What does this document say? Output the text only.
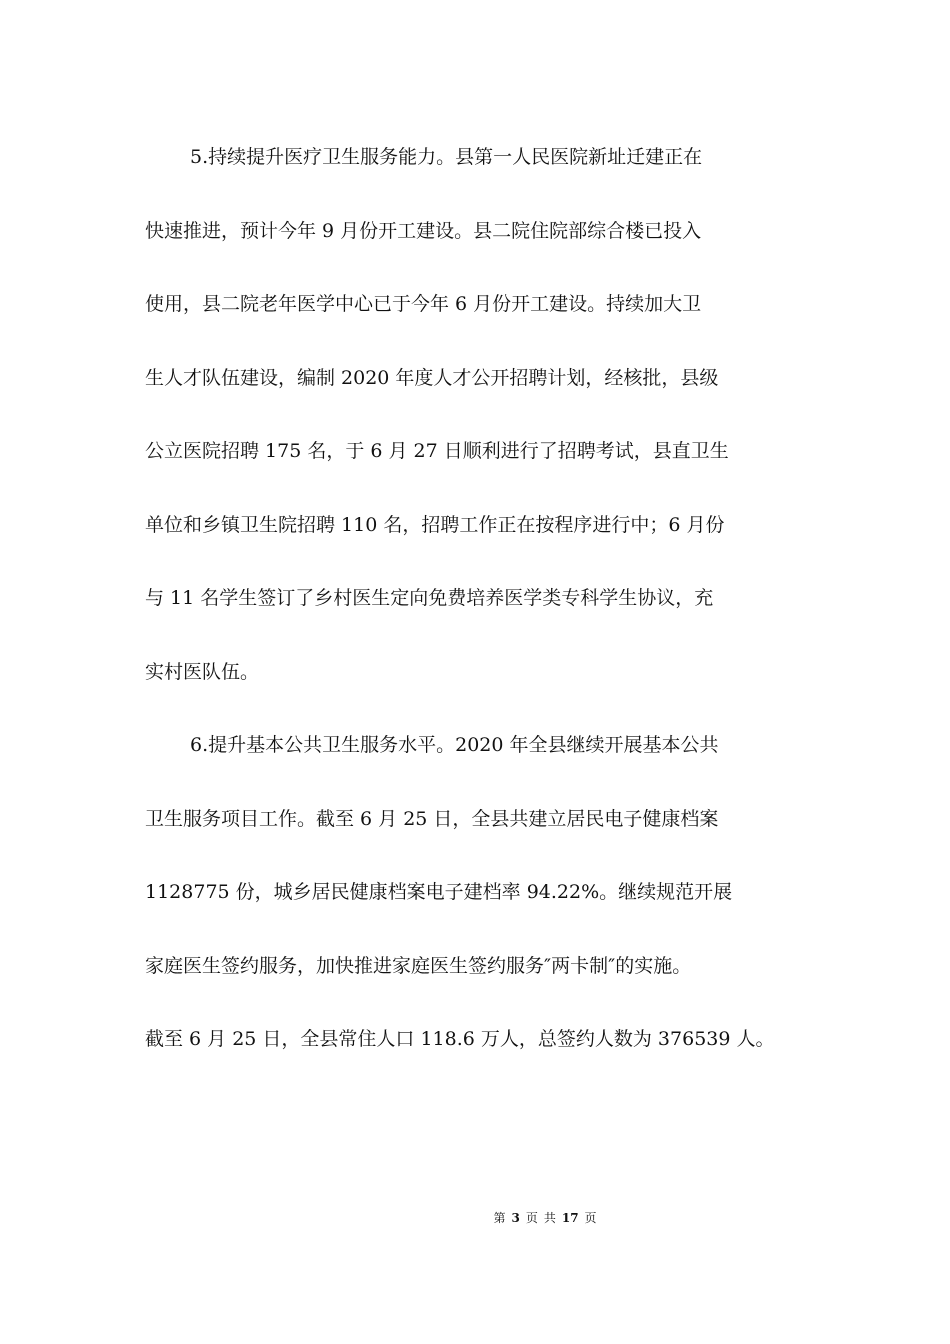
5.持续提升医疗卫生服务能力。县第一人民医院新址迁建正在
快速推进，预计今年 9 月份开工建设。县二院住院部综合楼已投入
使用，县二院老年医学中心已于今年 6 月份开工建设。持续加大卫
生人才队伍建设，编制 2020 年度人才公开招聘计划，经核批，县级
公立医院招聘 175 名，于 6 月 27 日顺利进行了招聘考试，县直卫生
单位和乡镇卫生院招聘 110 名，招聘工作正在按程序进行中；6 月份
与 11 名学生签订了乡村医生定向免费培养医学类专科学生协议，充
实村医队伍。
6.提升基本公共卫生服务水平。2020 年全县继续开展基本公共
卫生服务项目工作。截至 6 月 25 日，全县共建立居民电子健康档案
1128775 份，城乡居民健康档案电子建档率 94.22%。继续规范开展
家庭医生签约服务，加快推进家庭医生签约服务″两卡制″的实施。
截至 6 月 25 日，全县常住人口 118.6 万人，总签约人数为 376539 人。
第 3 页 共 17 页
